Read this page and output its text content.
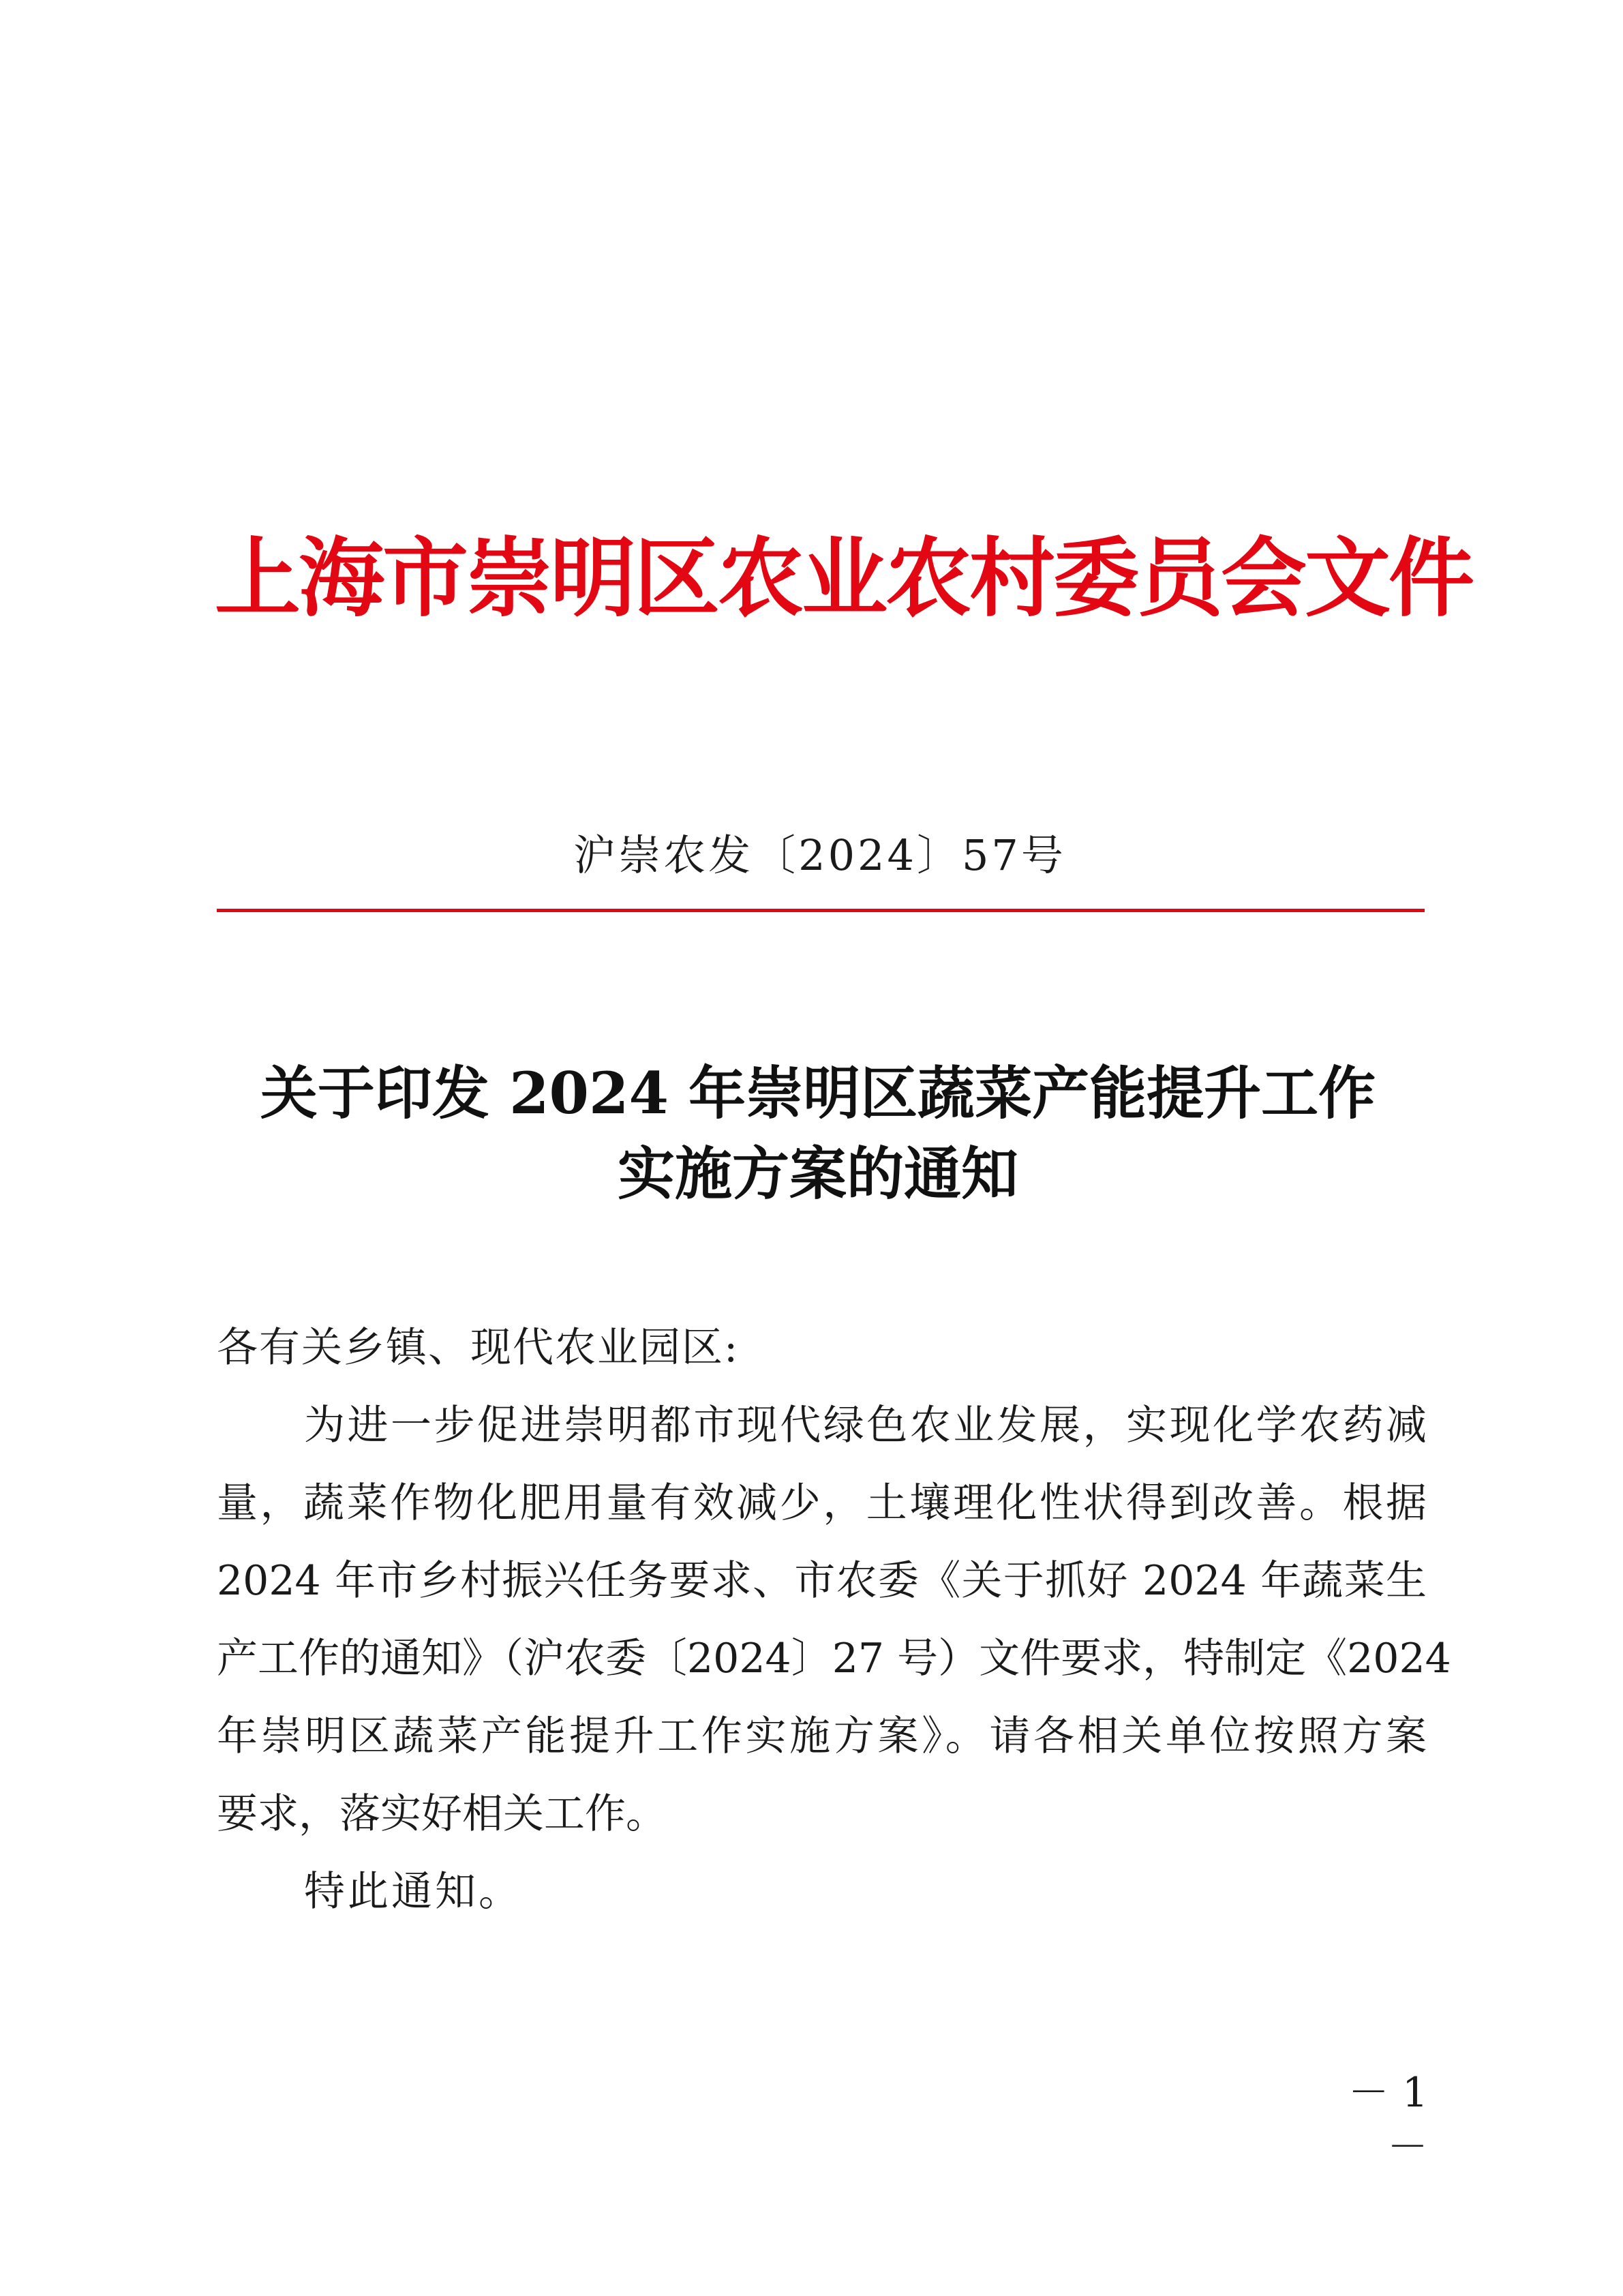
上海市崇明区农业农村委员会文件
沪崇农发〔2024〕57号
关于印发 2024 年崇明区蔬菜产能提升工作
实施方案的通知
各有关乡镇、现代农业园区:
为进一步促进崇明都市现代绿色农业发展，实现化学农药减
量，蔬菜作物化肥用量有效减少，土壤理化性状得到改善。根据
2024 年市乡村振兴任务要求、市农委《关于抓好 2024 年蔬菜生
产工作的通知》（沪农委〔2024〕27 号）文件要求，特制定《2024
年崇明区蔬菜产能提升工作实施方案》。请各相关单位按照方案
要求，落实好相关工作。
特此通知。
－ 1 －
